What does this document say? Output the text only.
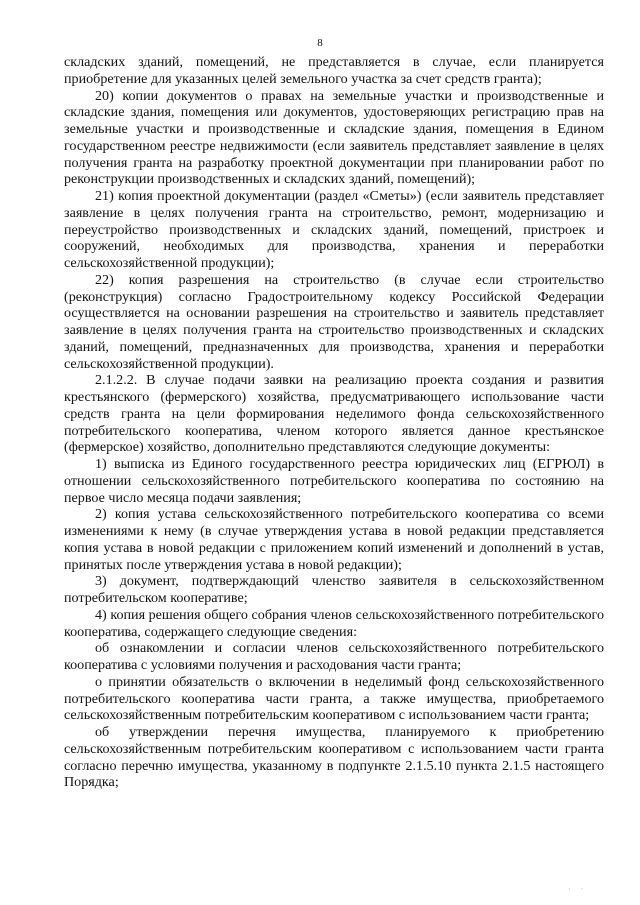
8

складских зданий, помещений, не представляется в случае, если планируется приобретение для указанных целей земельного участка за счет средств гранта);

20) копии документов о правах на земельные участки и производственные и складские здания, помещения или документов, удостоверяющих регистрацию прав на земельные участки и производственные и складские здания, помещения в Едином государственном реестре недвижимости (если заявитель представляет заявление в целях получения гранта на разработку проектной документации при планировании работ по реконструкции производственных и складских зданий, помещений);

21) копия проектной документации (раздел «Сметы») (если заявитель представляет заявление в целях получения гранта на строительство, ремонт, модернизацию и переустройство производственных и складских зданий, помещений, пристроек и сооружений, необходимых для производства, хранения и переработки сельскохозяйственной продукции);

22) копия разрешения на строительство (в случае если строительство (реконструкция) согласно Градостроительному кодексу Российской Федерации осуществляется на основании разрешения на строительство и заявитель представляет заявление в целях получения гранта на строительство производственных и складских зданий, помещений, предназначенных для производства, хранения и переработки сельскохозяйственной продукции).

2.1.2.2. В случае подачи заявки на реализацию проекта создания и развития крестьянского (фермерского) хозяйства, предусматривающего использование части средств гранта на цели формирования неделимого фонда сельскохозяйственного потребительского кооператива, членом которого является данное крестьянское (фермерское) хозяйство, дополнительно представляются следующие документы:

1) выписка из Единого государственного реестра юридических лиц (ЕГРЮЛ) в отношении сельскохозяйственного потребительского кооператива по состоянию на первое число месяца подачи заявления;

2) копия устава сельскохозяйственного потребительского кооператива со всеми изменениями к нему (в случае утверждения устава в новой редакции представляется копия устава в новой редакции с приложением копий изменений и дополнений в устав, принятых после утверждения устава в новой редакции);

3) документ, подтверждающий членство заявителя в сельскохозяйственном потребительском кооперативе;

4) копия решения общего собрания членов сельскохозяйственного потребительского кооператива, содержащего следующие сведения:

об ознакомлении и согласии членов сельскохозяйственного потребительского кооператива с условиями получения и расходования части гранта;

о принятии обязательств о включении в неделимый фонд сельскохозяйственного потребительского кооператива части гранта, а также имущества, приобретаемого сельскохозяйственным потребительским кооперативом с использованием части гранта;

об утверждении перечня имущества, планируемого к приобретению сельскохозяйственным потребительским кооперативом с использованием части гранта согласно перечню имущества, указанному в подпункте 2.1.5.10 пункта 2.1.5 настоящего Порядка;

· ·
